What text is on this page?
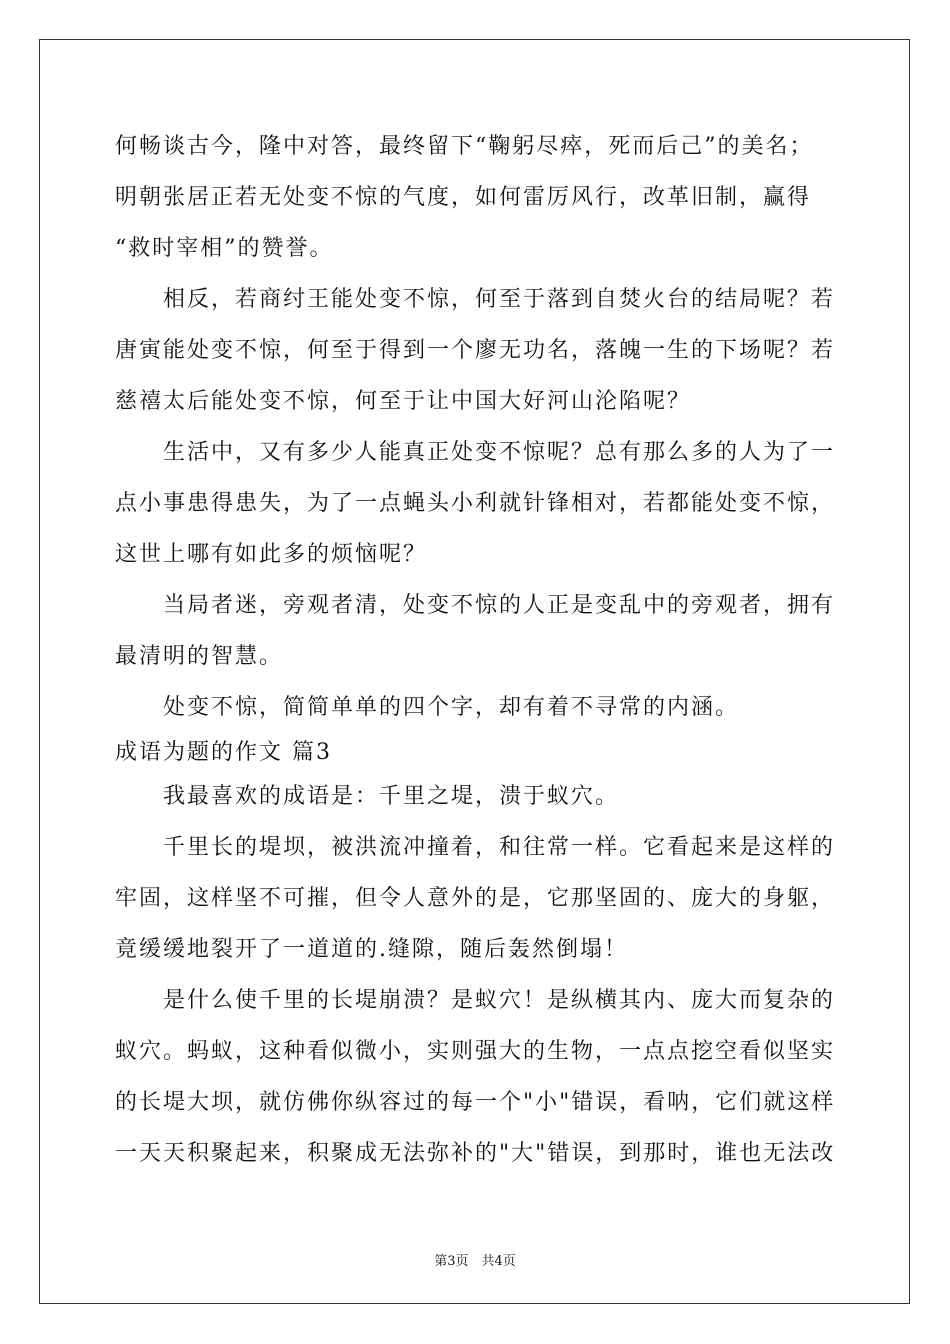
何畅谈古今，隆中对答，最终留下“鞠躬尽瘁，死而后己”的美名；
明朝张居正若无处变不惊的气度，如何雷厉风行，改革旧制，赢得
“救时宰相”的赞誉。
　　相反，若商纣王能处变不惊，何至于落到自焚火台的结局呢？若
唐寅能处变不惊，何至于得到一个廖无功名，落魄一生的下场呢？若
慈禧太后能处变不惊，何至于让中国大好河山沦陷呢？
　　生活中，又有多少人能真正处变不惊呢？总有那么多的人为了一
点小事患得患失，为了一点蝇头小利就针锋相对，若都能处变不惊，
这世上哪有如此多的烦恼呢？
　　当局者迷，旁观者清，处变不惊的人正是变乱中的旁观者，拥有
最清明的智慧。
　　处变不惊，简简单单的四个字，却有着不寻常的内涵。
成语为题的作文 篇3
　　我最喜欢的成语是：千里之堤，溃于蚁穴。
　　千里长的堤坝，被洪流冲撞着，和往常一样。它看起来是这样的
牢固，这样坚不可摧，但令人意外的是，它那坚固的、庞大的身躯，
竟缓缓地裂开了一道道的.缝隙，随后轰然倒塌！
　　是什么使千里的长堤崩溃？是蚁穴！是纵横其内、庞大而复杂的
蚁穴。蚂蚁，这种看似微小，实则强大的生物，一点点挖空看似坚实
的长堤大坝，就仿佛你纵容过的每一个"小"错误，看呐，它们就这样
一天天积聚起来，积聚成无法弥补的"大"错误，到那时，谁也无法改
第3页　共4页
